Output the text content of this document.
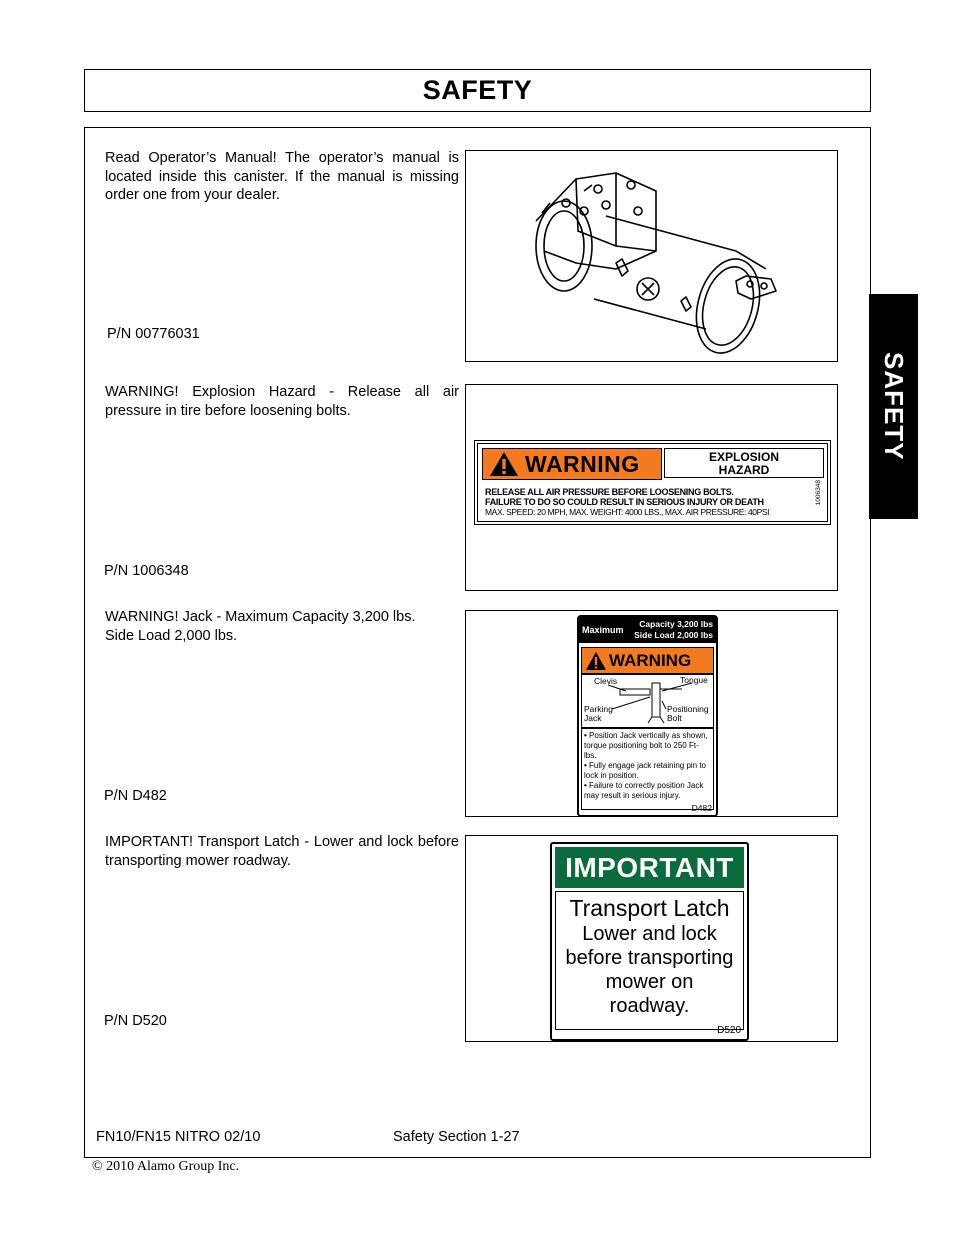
SAFETY
SAFETY
Read Operator’s Manual! The operator’s manual is located inside this canister. If the manual is missing order one from your dealer.
P/N 00776031
WARNING! Explosion Hazard - Release all air pressure in tire before loosening bolts.
P/N 1006348
WARNING	EXPLOSION
HAZARD
RELEASE ALL AIR PRESSURE BEFORE LOOSENING BOLTS.
FAILURE TO DO SO COULD RESULT IN SERIOUS INJURY OR DEATH
MAX. SPEED: 20 MPH, MAX. WEIGHT: 4000 LBS., MAX. AIR PRESSURE: 40PSI
1006348
WARNING! Jack - Maximum Capacity 3,200 lbs.
Side Load 2,000 lbs.
P/N D482
Maximum
Capacity 3,200 lbs
Side Load 2,000 lbs
WARNING
Clevis	Tongue
Parking
Jack
Positioning
Bolt
• Position Jack vertically as shown, torque positioning bolt to 250 Ft-lbs.
• Fully engage jack retaining pin to lock in position.
• Failure to correctly position Jack may result in serious injury.
D482
IMPORTANT! Transport Latch - Lower and lock before transporting mower roadway.
P/N D520
IMPORTANT
Transport Latch
Lower and lock
before transporting
mower on
roadway.
D520
FN10/FN15 NITRO 02/10	Safety Section 1-27
© 2010 Alamo Group Inc.
